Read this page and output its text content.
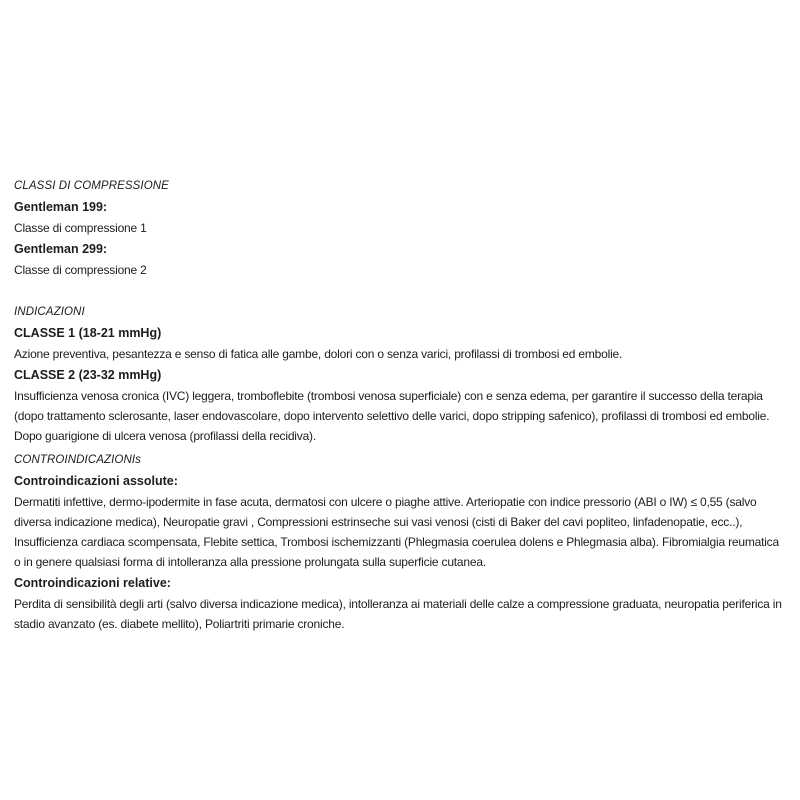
CLASSI DI COMPRESSIONE

Gentleman 199:

Classe di compressione 1

Gentleman 299:

Classe di compressione 2

INDICAZIONI

CLASSE 1 (18-21 mmHg)

Azione preventiva, pesantezza e senso di fatica alle gambe, dolori con o senza varici, profilassi di trombosi ed embolie.

CLASSE 2 (23-32 mmHg)

Insufficienza venosa cronica (IVC) leggera, tromboflebite (trombosi venosa superficiale) con e senza edema, per garantire il successo della terapia (dopo trattamento sclerosante, laser endovascolare, dopo intervento selettivo delle varici, dopo stripping safenico), profilassi di trombosi ed embolie. Dopo guarigione di ulcera venosa (profilassi della recidiva).

CONTROINDICAZIONIs

Controindicazioni assolute:

Dermatiti infettive, dermo-ipodermite in fase acuta, dermatosi con ulcere o piaghe attive. Arteriopatie con indice pressorio (ABI o IW) ≤ 0,55 (salvo diversa indicazione medica), Neuropatie gravi , Compressioni estrinseche sui vasi venosi (cisti di Baker del cavi popliteo, linfadenopatie, ecc..), Insufficienza cardiaca scompensata, Flebite settica, Trombosi ischemizzanti (Phlegmasia coerulea dolens e Phlegmasia alba). Fibromialgia reumatica o in genere qualsiasi forma di intolleranza alla pressione prolungata sulla superficie cutanea.

Controindicazioni relative:

Perdita di sensibilità degli arti (salvo diversa indicazione medica), intolleranza ai materiali delle calze a compressione graduata, neuropatia periferica in stadio avanzato (es. diabete mellito), Poliartriti primarie croniche.
